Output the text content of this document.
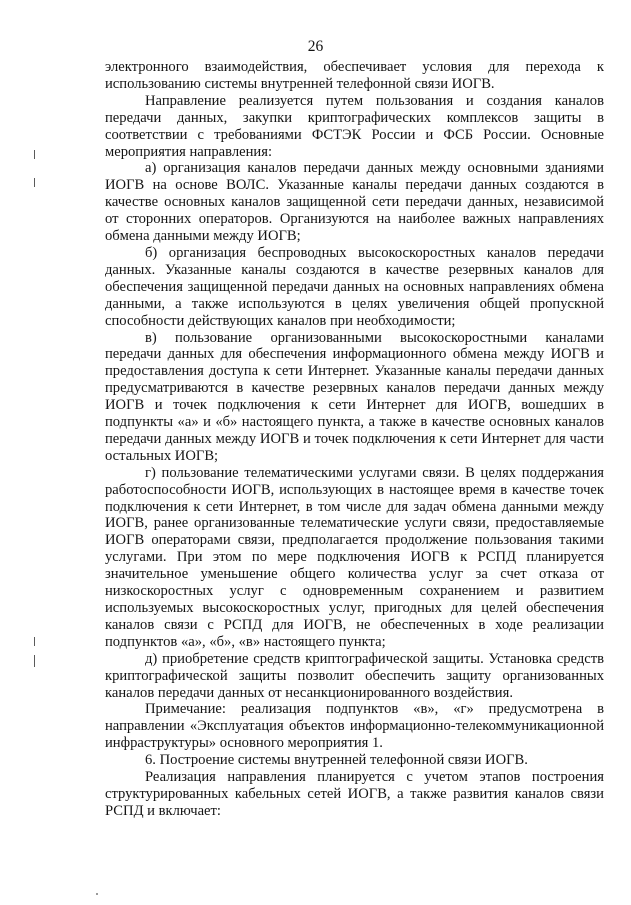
26

электронного взаимодействия, обеспечивает условия для перехода к использованию системы внутренней телефонной связи ИОГВ.

Направление реализуется путем пользования и создания каналов передачи данных, закупки криптографических комплексов защиты в соответствии с требованиями ФСТЭК России и ФСБ России. Основные мероприятия направления:

а) организация каналов передачи данных между основными зданиями ИОГВ на основе ВОЛС. Указанные каналы передачи данных создаются в качестве основных каналов защищенной сети передачи данных, независимой от сторонних операторов. Организуются на наиболее важных направлениях обмена данными между ИОГВ;

б) организация беспроводных высокоскоростных каналов передачи данных. Указанные каналы создаются в качестве резервных каналов для обеспечения защищенной передачи данных на основных направлениях обмена данными, а также используются в целях увеличения общей пропускной способности действующих каналов при необходимости;

в) пользование организованными высокоскоростными каналами передачи данных для обеспечения информационного обмена между ИОГВ и предоставления доступа к сети Интернет. Указанные каналы передачи данных предусматриваются в качестве резервных каналов передачи данных между ИОГВ и точек подключения к сети Интернет для ИОГВ, вошедших в подпункты «а» и «б» настоящего пункта, а также в качестве основных каналов передачи данных между ИОГВ и точек подключения к сети Интернет для части остальных ИОГВ;

г) пользование телематическими услугами связи. В целях поддержания работоспособности ИОГВ, использующих в настоящее время в качестве точек подключения к сети Интернет, в том числе для задач обмена данными между ИОГВ, ранее организованные телематические услуги связи, предоставляемые ИОГВ операторами связи, предполагается продолжение пользования такими услугами. При этом по мере подключения ИОГВ к РСПД планируется значительное уменьшение общего количества услуг за счет отказа от низкоскоростных услуг с одновременным сохранением и развитием используемых высокоскоростных услуг, пригодных для целей обеспечения каналов связи с РСПД для ИОГВ, не обеспеченных в ходе реализации подпунктов «а», «б», «в» настоящего пункта;

д) приобретение средств криптографической защиты. Установка средств криптографической защиты позволит обеспечить защиту организованных каналов передачи данных от несанкционированного воздействия.

Примечание: реализация подпунктов «в», «г» предусмотрена в направлении «Эксплуатация объектов информационно-телекоммуникационной инфраструктуры» основного мероприятия 1.

6. Построение системы внутренней телефонной связи ИОГВ.

Реализация направления планируется с учетом этапов построения структурированных кабельных сетей ИОГВ, а также развития каналов связи РСПД и включает:
